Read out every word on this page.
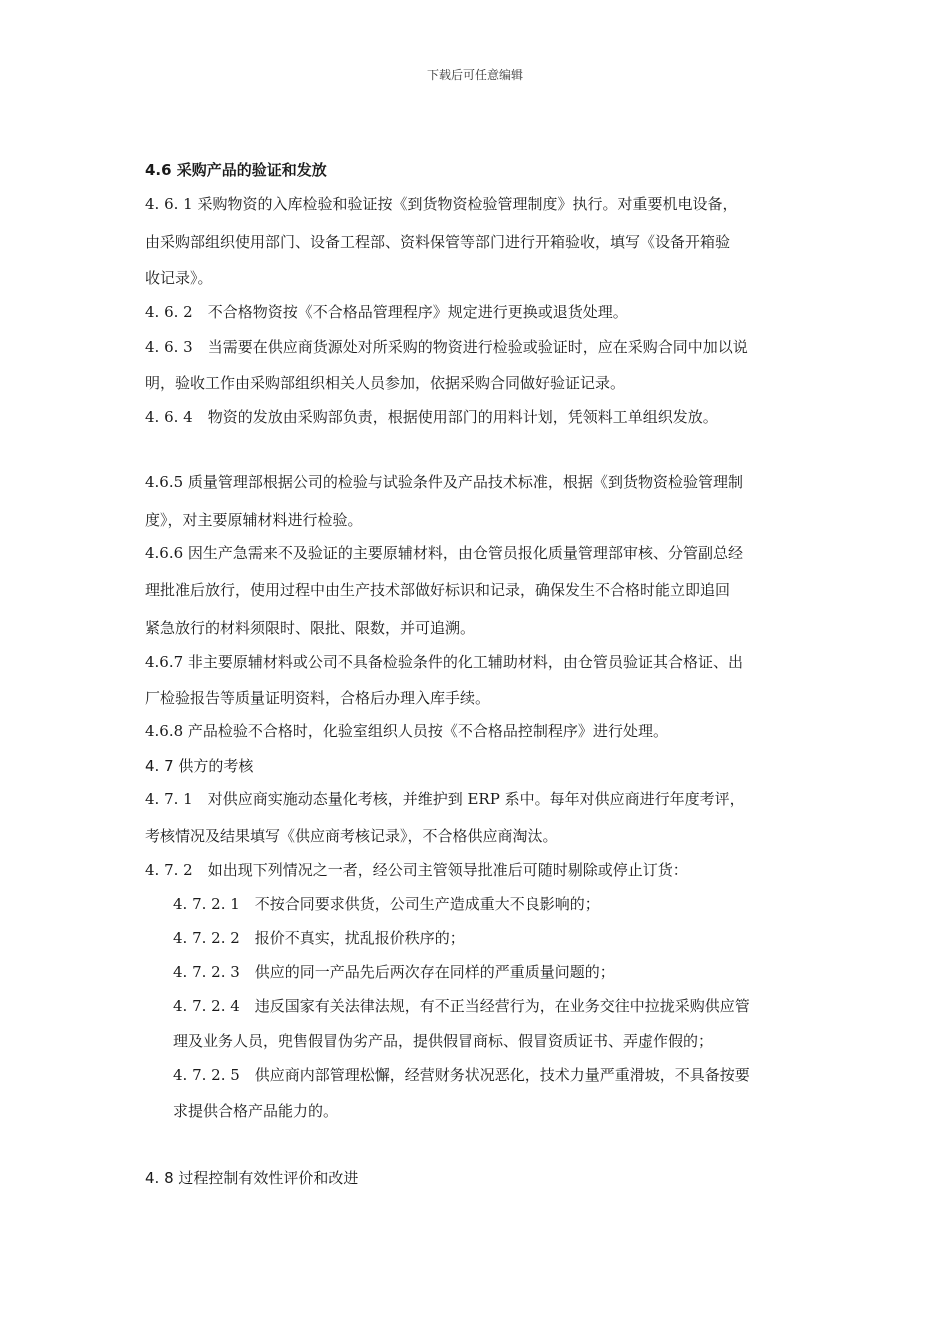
下载后可任意编辑
4.6 采购产品的验证和发放
4. 6. 1 采购物资的入库检验和验证按《到货物资检验管理制度》执行。对重要机电设备，
由采购部组织使用部门、设备工程部、资料保管等部门进行开箱验收，填写《设备开箱验
收记录》。
4. 6. 2　不合格物资按《不合格品管理程序》规定进行更换或退货处理。
4. 6. 3　当需要在供应商货源处对所采购的物资进行检验或验证时，应在采购合同中加以说
明，验收工作由采购部组织相关人员参加，依据采购合同做好验证记录。
4. 6. 4　物资的发放由采购部负责，根据使用部门的用料计划，凭领料工单组织发放。
4.6.5 质量管理部根据公司的检验与试验条件及产品技术标准，根据《到货物资检验管理制
度》，对主要原辅材料进行检验。
4.6.6 因生产急需来不及验证的主要原辅材料，由仓管员报化质量管理部审核、分管副总经
理批准后放行，使用过程中由生产技术部做好标识和记录，确保发生不合格时能立即追回
紧急放行的材料须限时、限批、限数，并可追溯。
4.6.7 非主要原辅材料或公司不具备检验条件的化工辅助材料，由仓管员验证其合格证、出
厂检验报告等质量证明资料，合格后办理入库手续。
4.6.8 产品检验不合格时，化验室组织人员按《不合格品控制程序》进行处理。
4. 7 供方的考核
4. 7. 1　对供应商实施动态量化考核，并维护到 ERP 系中。每年对供应商进行年度考评，
考核情况及结果填写《供应商考核记录》，不合格供应商淘汰。
4. 7. 2　如出现下列情况之一者，经公司主管领导批准后可随时剔除或停止订货：
4. 7. 2. 1　不按合同要求供货，公司生产造成重大不良影响的；
4. 7. 2. 2　报价不真实，扰乱报价秩序的；
4. 7. 2. 3　供应的同一产品先后两次存在同样的严重质量问题的；
4. 7. 2. 4　违反国家有关法律法规，有不正当经营行为，在业务交往中拉拢采购供应管
理及业务人员，兜售假冒伪劣产品，提供假冒商标、假冒资质证书、弄虚作假的；
4. 7. 2. 5　供应商内部管理松懈，经营财务状况恶化，技术力量严重滑坡，不具备按要
求提供合格产品能力的。
4. 8 过程控制有效性评价和改进
